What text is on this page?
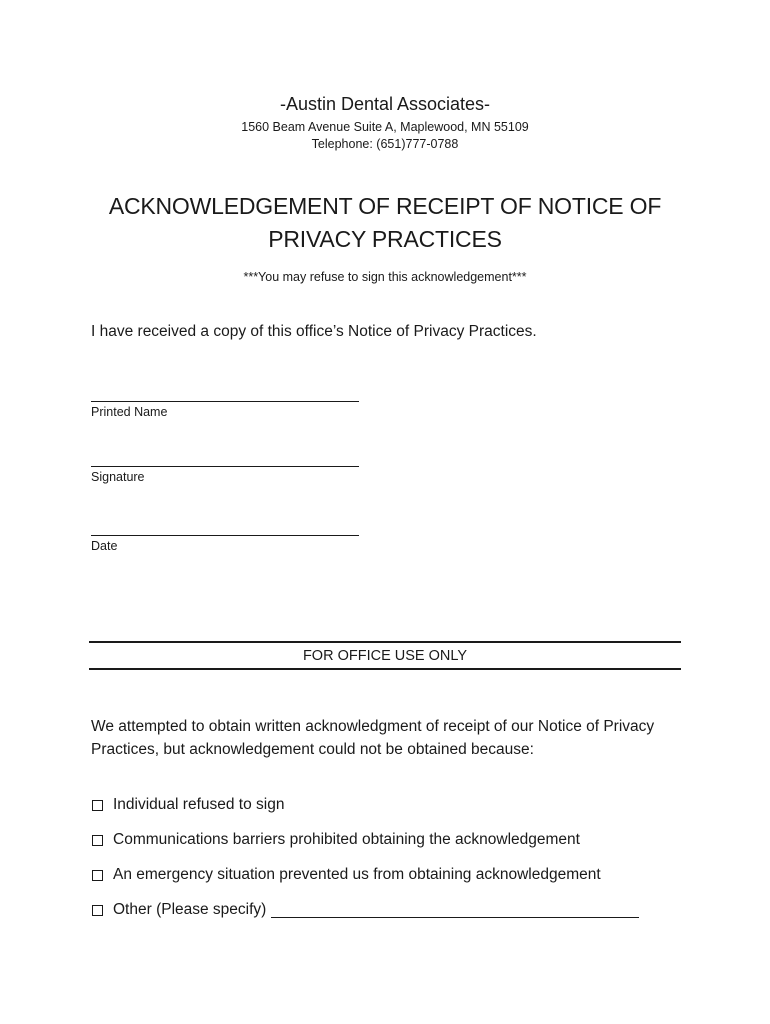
-Austin Dental Associates-
1560 Beam Avenue Suite A, Maplewood, MN 55109
Telephone: (651)777-0788
ACKNOWLEDGEMENT OF RECEIPT OF NOTICE OF
PRIVACY PRACTICES
***You may refuse to sign this acknowledgement***
I have received a copy of this office’s Notice of Privacy Practices.
Printed Name
Signature
Date
FOR OFFICE USE ONLY
We attempted to obtain written acknowledgment of receipt of our Notice of Privacy Practices, but acknowledgement could not be obtained because:
Individual refused to sign
Communications barriers prohibited obtaining the acknowledgement
An emergency situation prevented us from obtaining acknowledgement
Other (Please specify)
